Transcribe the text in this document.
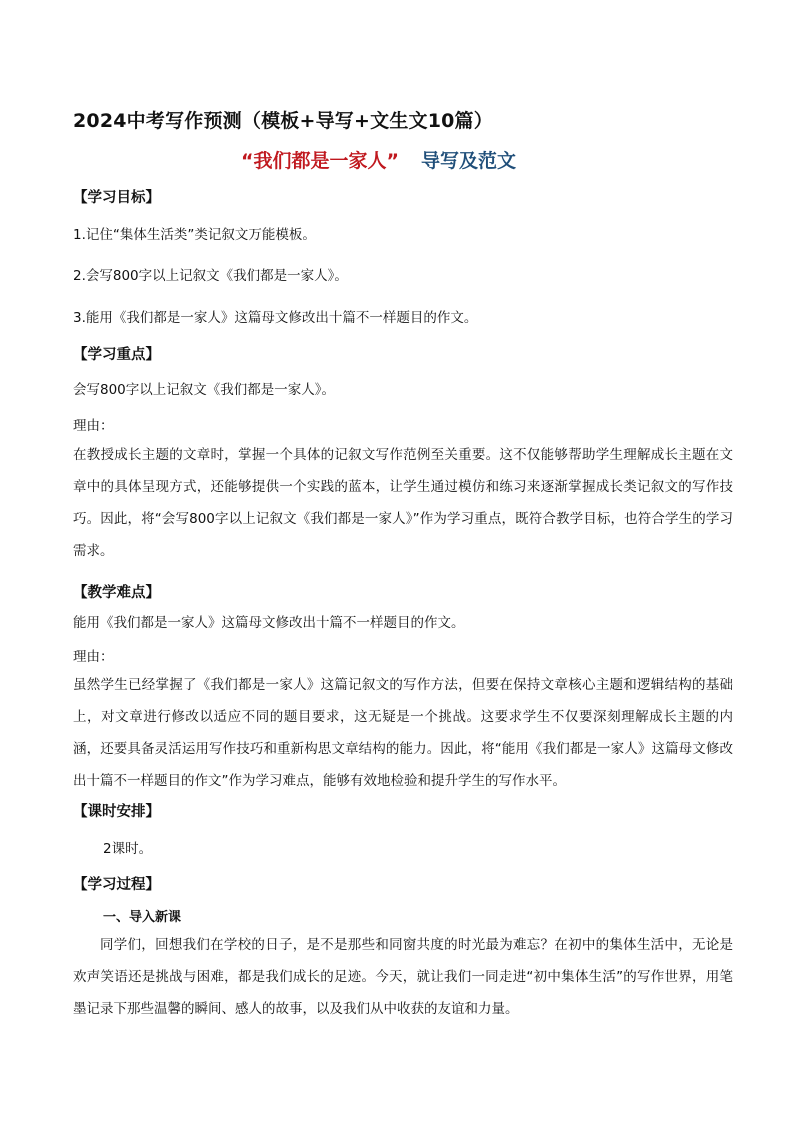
2024中考写作预测（模板+导写+文生文10篇）
“我们都是一家人” 导写及范文
【学习目标】
1.记住“集体生活类”类记叙文万能模板。
2.会写800字以上记叙文《我们都是一家人》。
3.能用《我们都是一家人》这篇母文修改出十篇不一样题目的作文。
【学习重点】
会写800字以上记叙文《我们都是一家人》。
理由：
在教授成长主题的文章时，掌握一个具体的记叙文写作范例至关重要。这不仅能够帮助学生理解成长主题在文章中的具体呈现方式，还能够提供一个实践的蓝本，让学生通过模仿和练习来逐渐掌握成长类记叙文的写作技巧。因此，将“会写800字以上记叙文《我们都是一家人》”作为学习重点，既符合教学目标，也符合学生的学习需求。
【教学难点】
能用《我们都是一家人》这篇母文修改出十篇不一样题目的作文。
理由：
虽然学生已经掌握了《我们都是一家人》这篇记叙文的写作方法，但要在保持文章核心主题和逻辑结构的基础上，对文章进行修改以适应不同的题目要求，这无疑是一个挑战。这要求学生不仅要深刻理解成长主题的内涵，还要具备灵活运用写作技巧和重新构思文章结构的能力。因此，将“能用《我们都是一家人》这篇母文修改出十篇不一样题目的作文”作为学习难点，能够有效地检验和提升学生的写作水平。
【课时安排】
2课时。
【学习过程】
一、导入新课
同学们，回想我们在学校的日子，是不是那些和同窗共度的时光最为难忘？在初中的集体生活中，无论是欢声笑语还是挑战与困难，都是我们成长的足迹。今天，就让我们一同走进“初中集体生活”的写作世界，用笔墨记录下那些温馨的瞬间、感人的故事，以及我们从中收获的友谊和力量。
